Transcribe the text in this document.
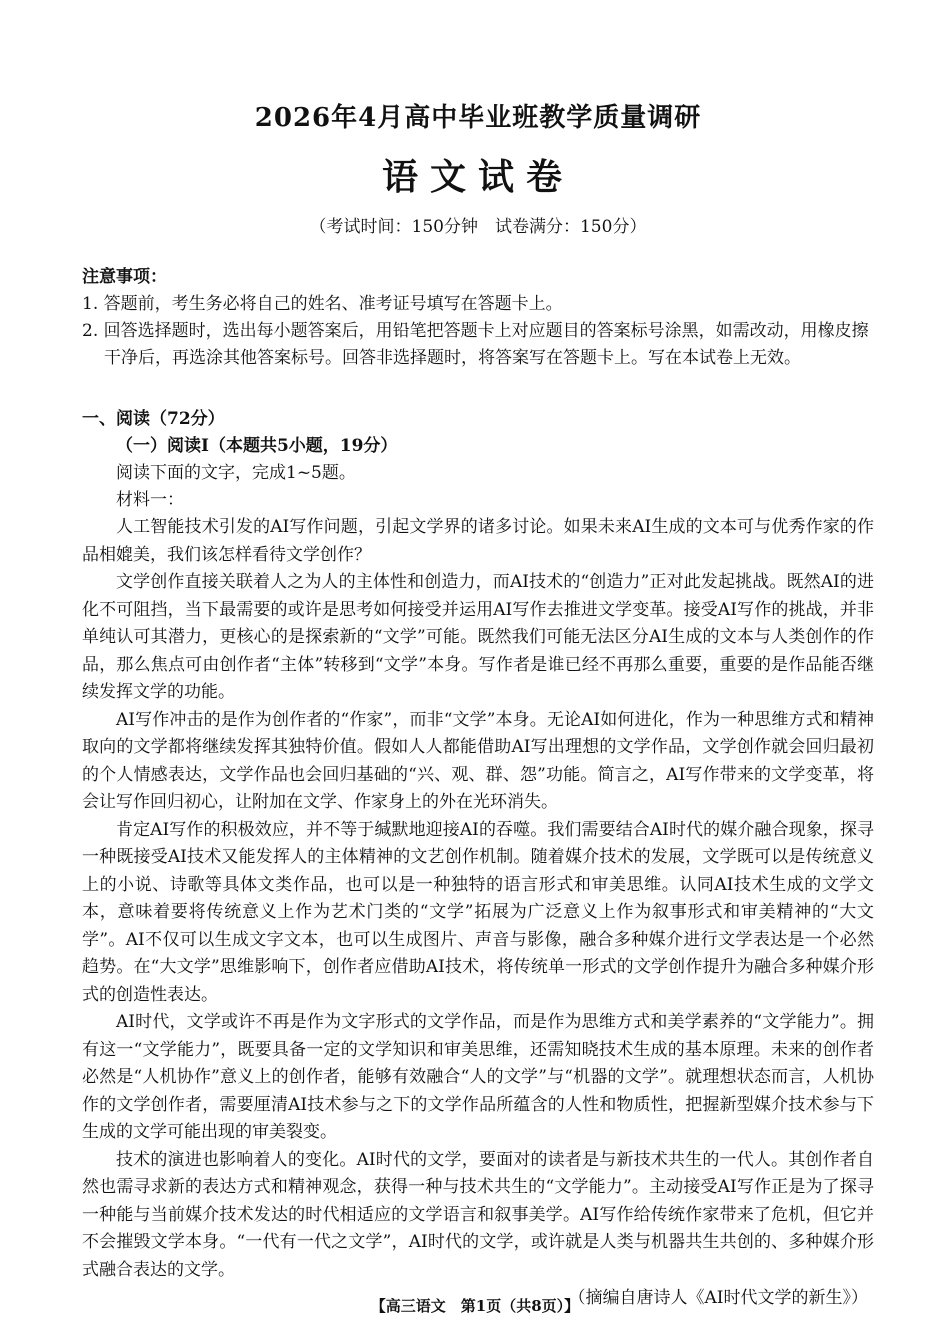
2026年4月高中毕业班教学质量调研
语文试卷
（考试时间：150分钟　试卷满分：150分）
注意事项：
1. 答题前，考生务必将自己的姓名、准考证号填写在答题卡上。
2. 回答选择题时，选出每小题答案后，用铅笔把答题卡上对应题目的答案标号涂黑，如需改动，用橡皮擦干净后，再选涂其他答案标号。回答非选择题时，将答案写在答题卡上。写在本试卷上无效。
一、阅读（72分）
（一）阅读Ⅰ（本题共5小题，19分）
阅读下面的文字，完成1~5题。
材料一：

人工智能技术引发的AI写作问题，引起文学界的诸多讨论。如果未来AI生成的文本可与优秀作家的作品相媲美，我们该怎样看待文学创作？

文学创作直接关联着人之为人的主体性和创造力，而AI技术的“创造力”正对此发起挑战。既然AI的进化不可阻挡，当下最需要的或许是思考如何接受并运用AI写作去推进文学变革。接受AI写作的挑战，并非单纯认可其潜力，更核心的是探索新的“文学”可能。既然我们可能无法区分AI生成的文本与人类创作的作品，那么焦点可由创作者“主体”转移到“文学”本身。写作者是谁已经不再那么重要，重要的是作品能否继续发挥文学的功能。

AI写作冲击的是作为创作者的“作家”，而非“文学”本身。无论AI如何进化，作为一种思维方式和精神取向的文学都将继续发挥其独特价值。假如人人都能借助AI写出理想的文学作品，文学创作就会回归最初的个人情感表达，文学作品也会回归基础的“兴、观、群、怨”功能。简言之，AI写作带来的文学变革，将会让写作回归初心，让附加在文学、作家身上的外在光环消失。

肯定AI写作的积极效应，并不等于缄默地迎接AI的吞噬。我们需要结合AI时代的媒介融合现象，探寻一种既接受AI技术又能发挥人的主体精神的文艺创作机制。随着媒介技术的发展，文学既可以是传统意义上的小说、诗歌等具体文类作品，也可以是一种独特的语言形式和审美思维。认同AI技术生成的文学文本，意味着要将传统意义上作为艺术门类的“文学”拓展为广泛意义上作为叙事形式和审美精神的“大文学”。AI不仅可以生成文字文本，也可以生成图片、声音与影像，融合多种媒介进行文学表达是一个必然趋势。在“大文学”思维影响下，创作者应借助AI技术，将传统单一形式的文学创作提升为融合多种媒介形式的创造性表达。

AI时代，文学或许不再是作为文字形式的文学作品，而是作为思维方式和美学素养的“文学能力”。拥有这一“文学能力”，既要具备一定的文学知识和审美思维，还需知晓技术生成的基本原理。未来的创作者必然是“人机协作”意义上的创作者，能够有效融合“人的文学”与“机器的文学”。就理想状态而言，人机协作的文学创作者，需要厘清AI技术参与之下的文学作品所蕴含的人性和物质性，把握新型媒介技术参与下生成的文学可能出现的审美裂变。

技术的演进也影响着人的变化。AI时代的文学，要面对的读者是与新技术共生的一代人。其创作者自然也需寻求新的表达方式和精神观念，获得一种与技术共生的“文学能力”。主动接受AI写作正是为了探寻一种能与当前媒介技术发达的时代相适应的文学语言和叙事美学。AI写作给传统作家带来了危机，但它并不会摧毁文学本身。“一代有一代之文学”，AI时代的文学，或许就是人类与机器共生共创的、多种媒介形式融合表达的文学。

（摘编自唐诗人《AI时代文学的新生》）
【高三语文　第1页（共8页）】
